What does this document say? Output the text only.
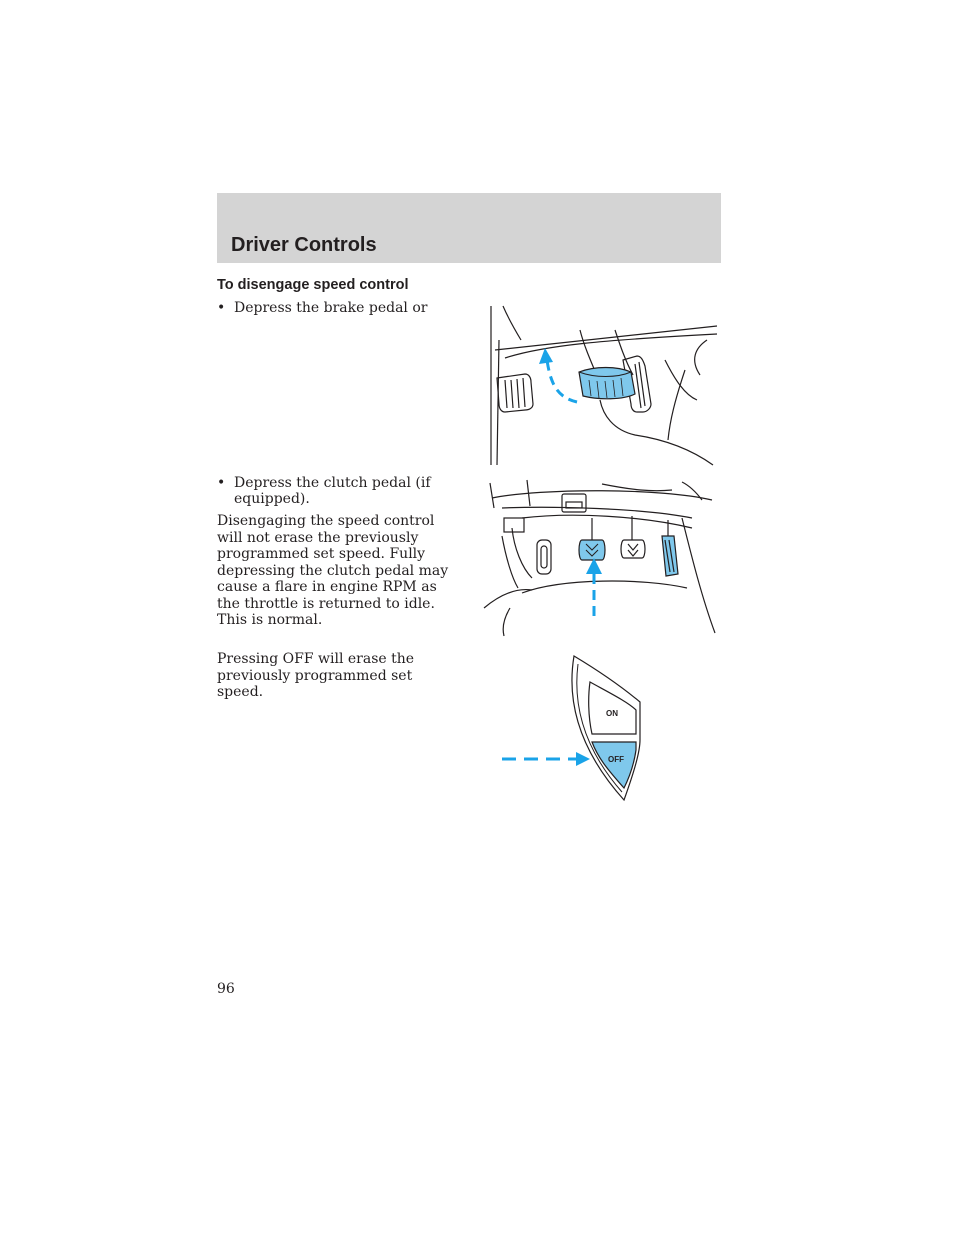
Driver Controls
To disengage speed control
• Depress the brake pedal or
• Depress the clutch pedal (if equipped).

Disengaging the speed control will not erase the previously programmed set speed. Fully depressing the clutch pedal may cause a flare in engine RPM as the throttle is returned to idle. This is normal.

Pressing OFF will erase the previously programmed set speed.

ON
OFF
96
